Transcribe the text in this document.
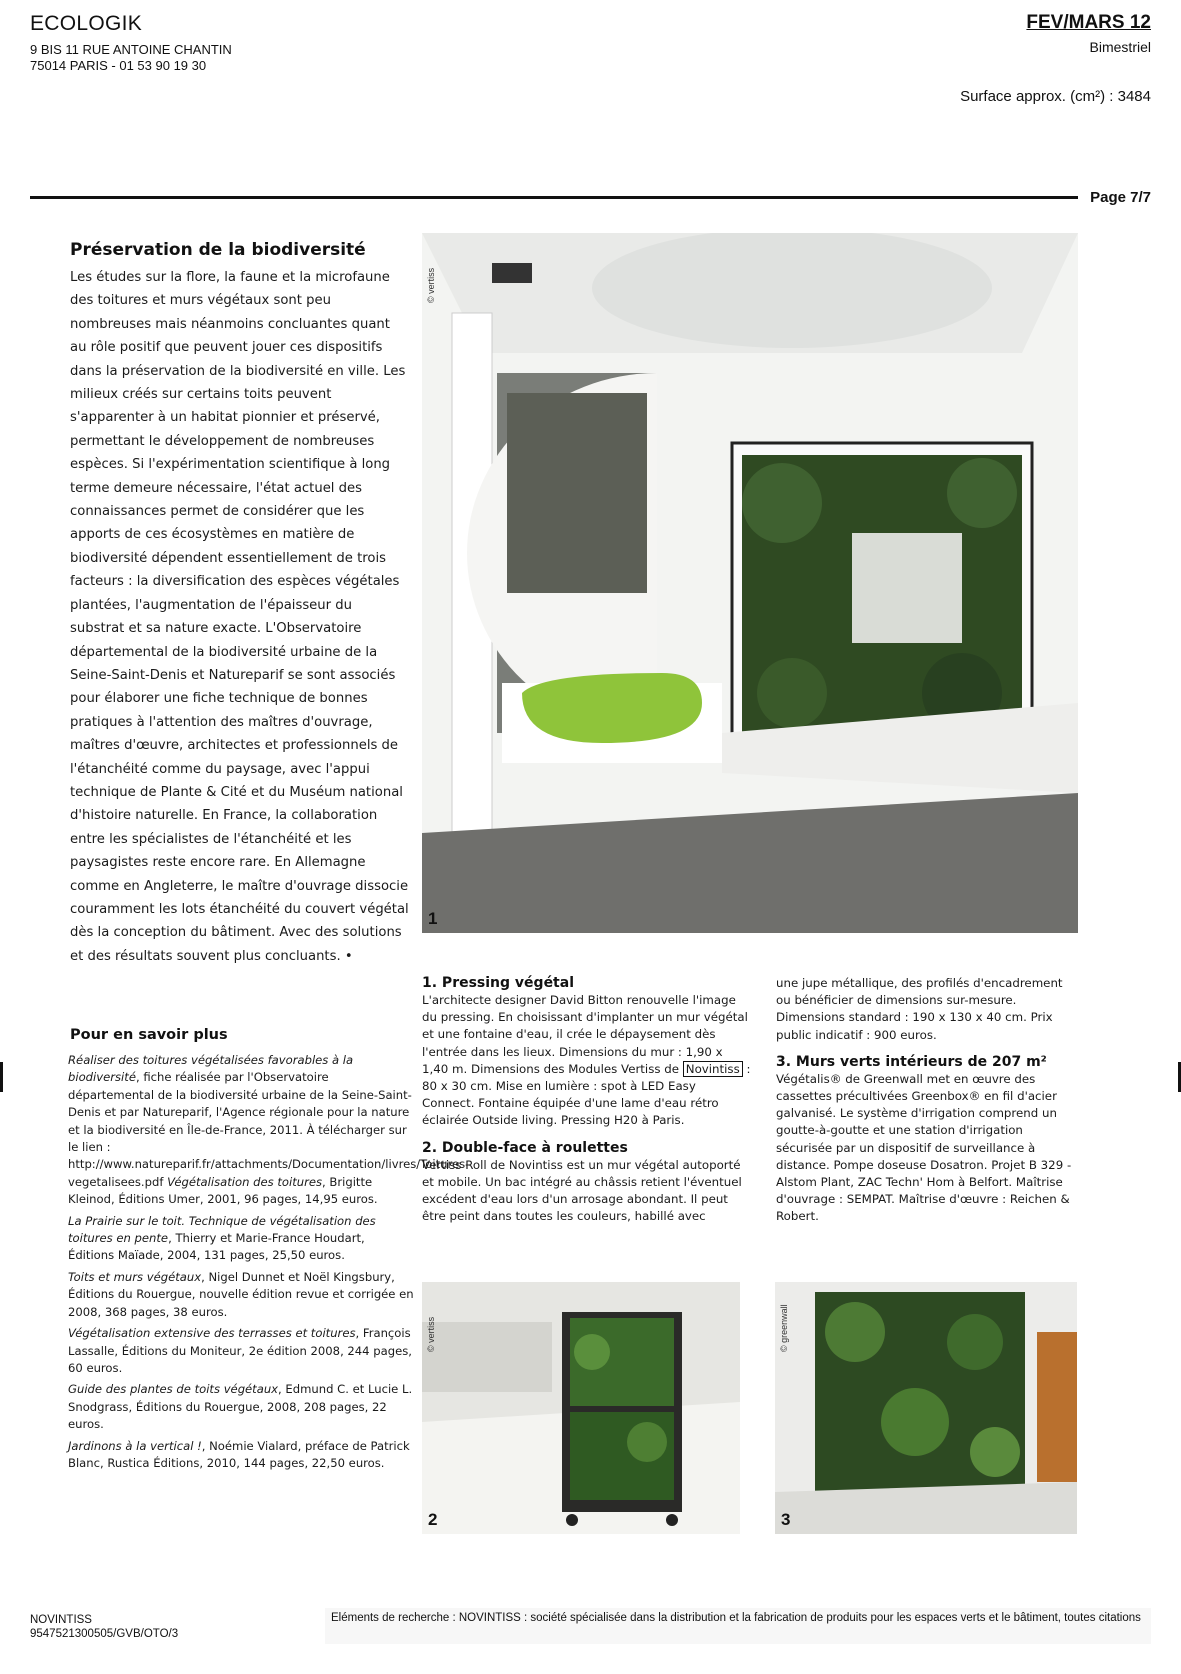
ECOLOGIK
9 BIS 11 RUE ANTOINE CHANTIN
75014 PARIS - 01 53 90 19 30
FEV/MARS 12
Bimestriel
Surface approx. (cm²) : 3484
Page 7/7
Préservation de la biodiversité

Les études sur la flore, la faune et la microfaune des toitures et murs végétaux sont peu nombreuses mais néanmoins concluantes quant au rôle positif que peuvent jouer ces dispositifs dans la préservation de la biodiversité en ville. Les milieux créés sur certains toits peuvent s'apparenter à un habitat pionnier et préservé, permettant le développement de nombreuses espèces. Si l'expérimentation scientifique à long terme demeure nécessaire, l'état actuel des connaissances permet de considérer que les apports de ces écosystèmes en matière de biodiversité dépendent essentiellement de trois facteurs : la diversification des espèces végétales plantées, l'augmentation de l'épaisseur du substrat et sa nature exacte. L'Observatoire départemental de la biodiversité urbaine de la Seine-Saint-Denis et Natureparif se sont associés pour élaborer une fiche technique de bonnes pratiques à l'attention des maîtres d'ouvrage, maîtres d'œuvre, architectes et professionnels de l'étanchéité comme du paysage, avec l'appui technique de Plante & Cité et du Muséum national d'histoire naturelle. En France, la collaboration entre les spécialistes de l'étanchéité et les paysagistes reste encore rare. En Allemagne comme en Angleterre, le maître d'ouvrage dissocie couramment les lots étanchéité du couvert végétal dès la conception du bâtiment. Avec des solutions et des résultats souvent plus concluants. •

Pour en savoir plus

Réaliser des toitures végétalisées favorables à la biodiversité, fiche réalisée par l'Observatoire départemental de la biodiversité urbaine de la Seine-Saint-Denis et par Natureparif, l'Agence régionale pour la nature et la biodiversité en Île-de-France, 2011. À télécharger sur le lien : http://www.natureparif.fr/attachments/Documentation/livres/Toitures-vegetalisees.pdf Végétalisation des toitures, Brigitte Kleinod, Éditions Umer, 2001, 96 pages, 14,95 euros.

La Prairie sur le toit. Technique de végétalisation des toitures en pente, Thierry et Marie-France Houdart, Éditions Maïade, 2004, 131 pages, 25,50 euros.

Toits et murs végétaux, Nigel Dunnet et Noël Kingsbury, Éditions du Rouergue, nouvelle édition revue et corrigée en 2008, 368 pages, 38 euros.

Végétalisation extensive des terrasses et toitures, François Lassalle, Éditions du Moniteur, 2e édition 2008, 244 pages, 60 euros.

Guide des plantes de toits végétaux, Edmund C. et Lucie L. Snodgrass, Éditions du Rouergue, 2008, 208 pages, 22 euros.

Jardinons à la vertical !, Noémie Vialard, préface de Patrick Blanc, Rustica Éditions, 2010, 144 pages, 22,50 euros.

© vertiss
1
1. Pressing végétal

L'architecte designer David Bitton renouvelle l'image du pressing. En choisissant d'implanter un mur végétal et une fontaine d'eau, il crée le dépaysement dès l'entrée dans les lieux. Dimensions du mur : 1,90 x 1,40 m. Dimensions des Modules Vertiss de Novintiss : 80 x 30 cm. Mise en lumière : spot à LED Easy Connect. Fontaine équipée d'une lame d'eau rétro éclairée Outside living. Pressing H20 à Paris.

2. Double-face à roulettes

Vertiss Roll de Novintiss est un mur végétal autoporté et mobile. Un bac intégré au châssis retient l'éventuel excédent d'eau lors d'un arrosage abondant. Il peut être peint dans toutes les couleurs, habillé avec

une jupe métallique, des profilés d'encadrement ou bénéficier de dimensions sur-mesure. Dimensions standard : 190 x 130 x 40 cm. Prix public indicatif : 900 euros.

3. Murs verts intérieurs de 207 m²

Végétalis® de Greenwall met en œuvre des cassettes précultivées Greenbox® en fil d'acier galvanisé. Le système d'irrigation comprend un goutte-à-goutte et une station d'irrigation sécurisée par un dispositif de surveillance à distance. Pompe doseuse Dosatron. Projet B 329 - Alstom Plant, ZAC Techn' Hom à Belfort. Maîtrise d'ouvrage : SEMPAT. Maîtrise d'œuvre : Reichen & Robert.

© vertiss
2
© greenwall
3
NOVINTISS
9547521300505/GVB/OTO/3
Eléments de recherche : NOVINTISS : société spécialisée dans la distribution et la fabrication de produits pour les espaces verts et le bâtiment, toutes citations
